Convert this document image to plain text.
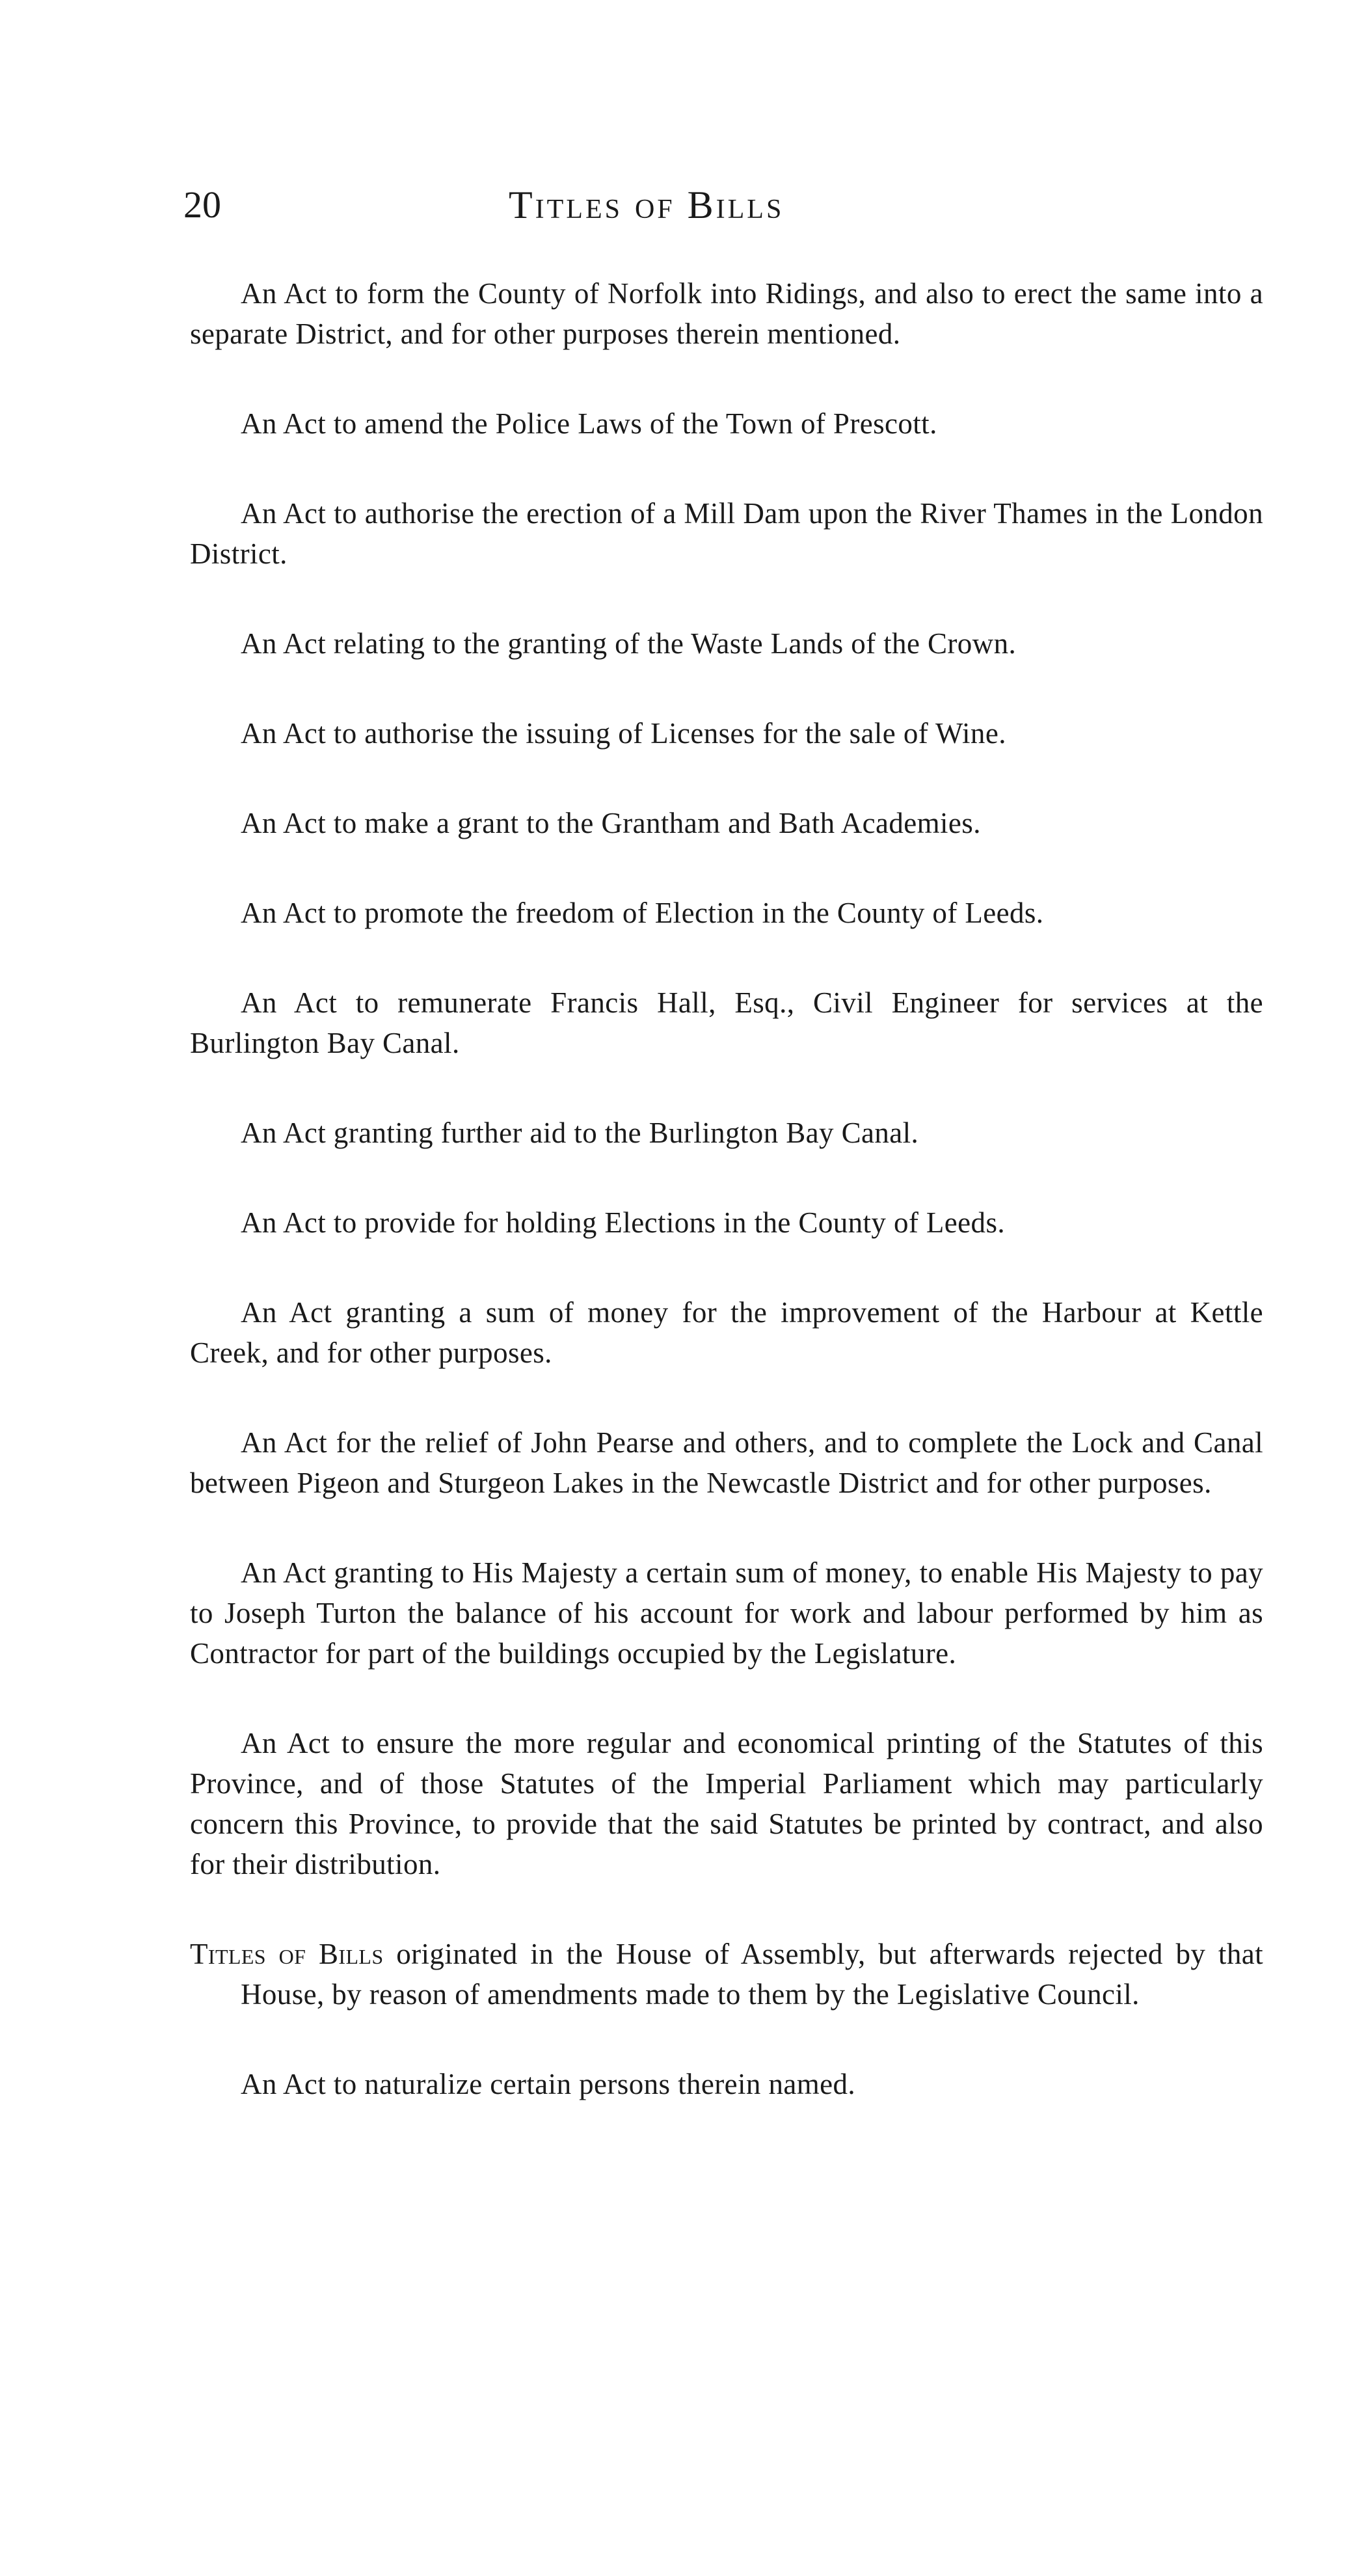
20	Titles of Bills

An Act to form the County of Norfolk into Ridings, and also to erect the same into a separate District, and for other purposes therein mentioned.

An Act to amend the Police Laws of the Town of Prescott.

An Act to authorise the erection of a Mill Dam upon the River Thames in the London District.

An Act relating to the granting of the Waste Lands of the Crown.

An Act to authorise the issuing of Licenses for the sale of Wine.

An Act to make a grant to the Grantham and Bath Academies.

An Act to promote the freedom of Election in the County of Leeds.

An Act to remunerate Francis Hall, Esq., Civil Engineer for services at the Burlington Bay Canal.

An Act granting further aid to the Burlington Bay Canal.

An Act to provide for holding Elections in the County of Leeds.

An Act granting a sum of money for the improvement of the Harbour at Kettle Creek, and for other purposes.

An Act for the relief of John Pearse and others, and to complete the Lock and Canal between Pigeon and Sturgeon Lakes in the Newcastle District and for other purposes.

An Act granting to His Majesty a certain sum of money, to enable His Majesty to pay to Joseph Turton the balance of his account for work and labour performed by him as Contractor for part of the buildings occupied by the Legislature.

An Act to ensure the more regular and economical printing of the Statutes of this Province, and of those Statutes of the Imperial Parliament which may particularly concern this Province, to provide that the said Statutes be printed by contract, and also for their distribution.

Titles of Bills originated in the House of Assembly, but afterwards rejected by that House, by reason of amendments made to them by the Legislative Council.

An Act to naturalize certain persons therein named.
